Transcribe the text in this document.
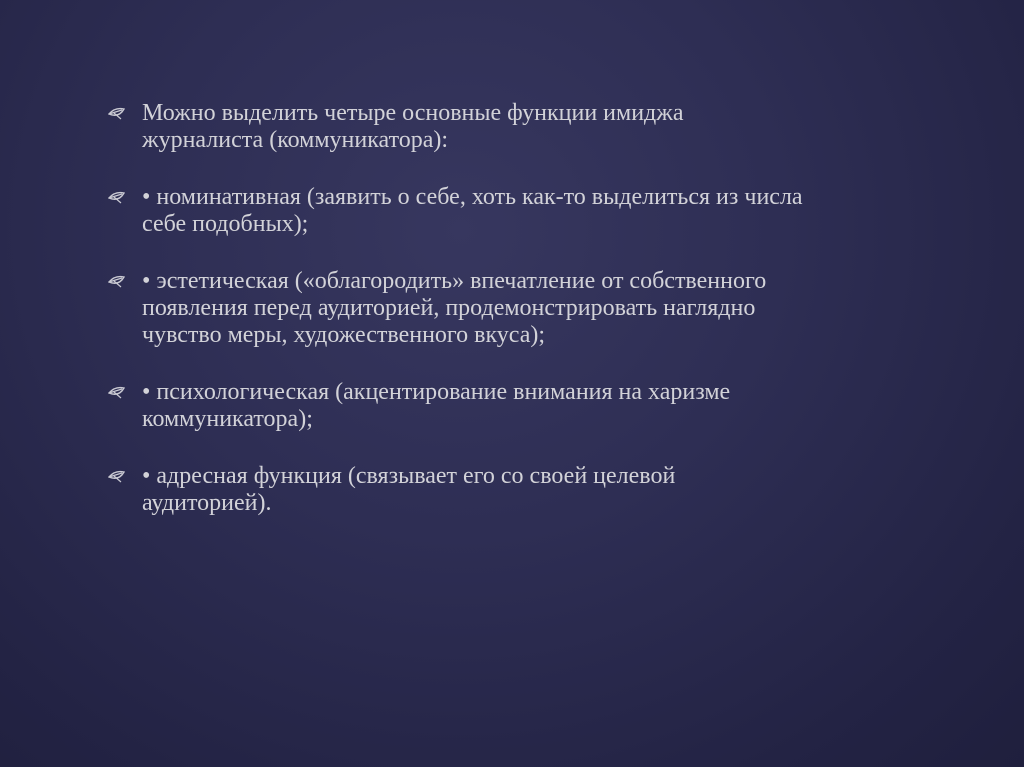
Можно выделить четыре основные функции имиджа журналиста (коммуникатора):
• номинативная (заявить о себе, хоть как-то выделиться из числа себе подобных);
• эстетическая («облагородить» впечатление от собственного появления перед аудиторией, продемонстрировать наглядно чувство меры, художественного вкуса);
• психологическая (акцентирование внимания на харизме коммуникатора);
• адресная функция (связывает его со своей целевой аудиторией).
